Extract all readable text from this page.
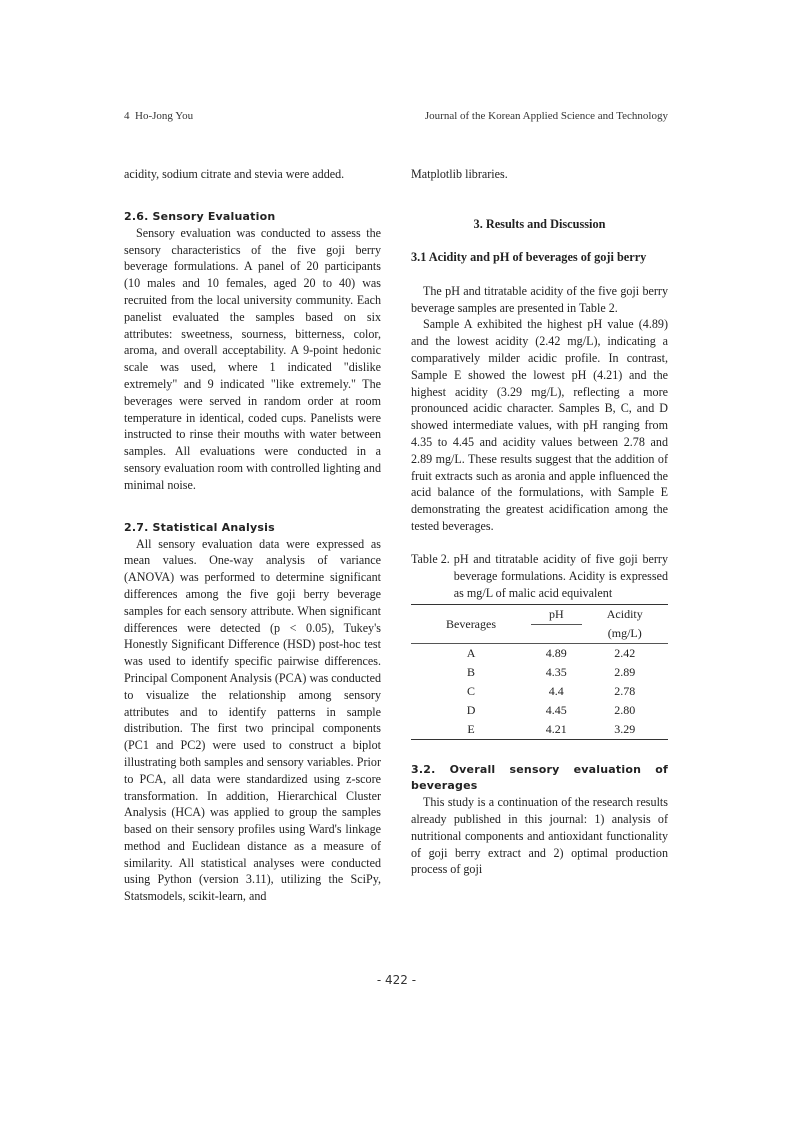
4  Ho-Jong You	Journal of the Korean Applied Science and Technology

acidity, sodium citrate and stevia were added.

2.6. Sensory Evaluation

Sensory evaluation was conducted to assess the sensory characteristics of the five goji berry beverage formulations. A panel of 20 participants (10 males and 10 females, aged 20 to 40) was recruited from the local university community. Each panelist evaluated the samples based on six attributes: sweetness, sourness, bitterness, color, aroma, and overall acceptability. A 9-point hedonic scale was used, where 1 indicated "dislike extremely" and 9 indicated "like extremely." The beverages were served in random order at room temperature in identical, coded cups. Panelists were instructed to rinse their mouths with water between samples. All evaluations were conducted in a sensory evaluation room with controlled lighting and minimal noise.

2.7. Statistical Analysis

All sensory evaluation data were expressed as mean values. One-way analysis of variance (ANOVA) was performed to determine significant differences among the five goji berry beverage samples for each sensory attribute. When significant differences were detected (p < 0.05), Tukey's Honestly Significant Difference (HSD) post-hoc test was used to identify specific pairwise differences. Principal Component Analysis (PCA) was conducted to visualize the relationship among sensory attributes and to identify patterns in sample distribution. The first two principal components (PC1 and PC2) were used to construct a biplot illustrating both samples and sensory variables. Prior to PCA, all data were standardized using z-score transformation. In addition, Hierarchical Cluster Analysis (HCA) was applied to group the samples based on their sensory profiles using Ward's linkage method and Euclidean distance as a measure of similarity. All statistical analyses were conducted using Python (version 3.11), utilizing the SciPy, Statsmodels, scikit-learn, and

Matplotlib libraries.

3. Results and Discussion
3.1 Acidity and pH of beverages of goji berry

The pH and titratable acidity of the five goji berry beverage samples are presented in Table 2.

Sample A exhibited the highest pH value (4.89) and the lowest acidity (2.42 mg/L), indicating a comparatively milder acidic profile. In contrast, Sample E showed the lowest pH (4.21) and the highest acidity (3.29 mg/L), reflecting a more pronounced acidic character. Samples B, C, and D showed intermediate values, with pH ranging from 4.35 to 4.45 and acidity values between 2.78 and 2.89 mg/L. These results suggest that the addition of fruit extracts such as aronia and apple influenced the acid balance of the formulations, with Sample E demonstrating the greatest acidification among the tested beverages.

Table 2. pH and titratable acidity of five goji berry beverage formulations. Acidity is expressed as mg/L of malic acid equivalent
Beverages	pH	Acidity
		(mg/L)
A	4.89	2.42
B	4.35	2.89
C	4.4	2.78
D	4.45	2.80
E	4.21	3.29
3.2. Overall sensory evaluation of beverages

This study is a continuation of the research results already published in this journal: 1) analysis of nutritional components and antioxidant functionality of goji berry extract and 2) optimal production process of goji

- 422 -
